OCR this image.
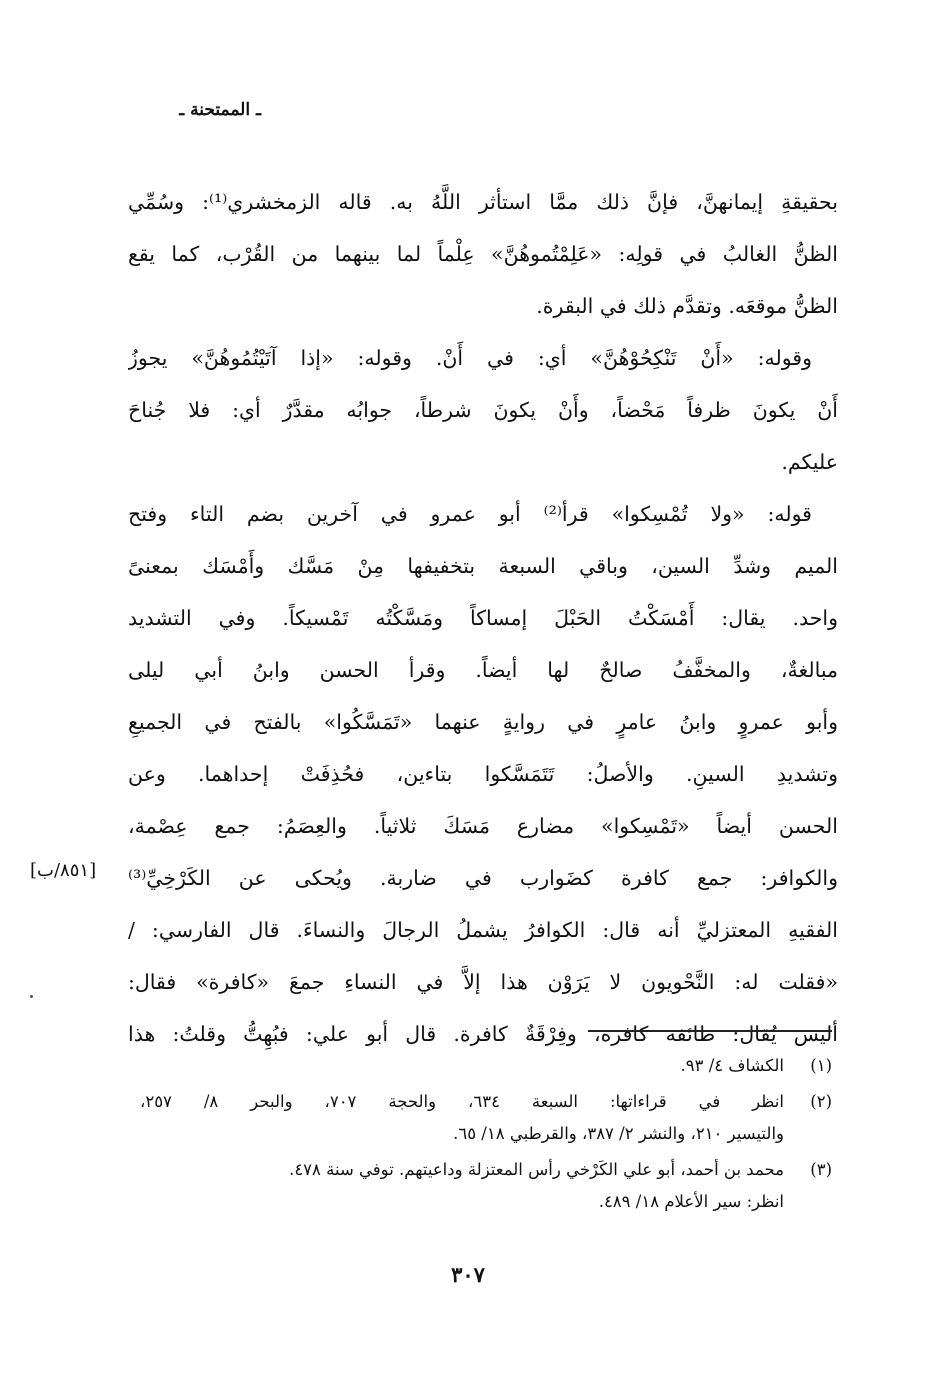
ـ الممتحنة ـ
بحقيقةِ إيمانهنَّ، فإنَّ ذلك ممَّا استأثر اللَّهُ به. قاله الزمخشري⁽¹⁾: وسُمِّي
الظنُّ الغالبُ في قولِه: «عَلِمْتُموهُنَّ» عِلْماً لما بينهما من القُرْب، كما يقع
الظنُّ موقعَه. وتقدَّم ذلك في البقرة.
وقوله: «أَنْ تَنْكِحُوْهُنَّ» أي: في أَنْ. وقوله: «إذا آتَيْتُمُوهُنَّ» يجوزُ
أَنْ يكونَ ظرفاً مَحْضاً، وأَنْ يكونَ شرطاً، جوابُه مقدَّرٌ أي: فلا جُناحَ
عليكم.
قوله: «ولا تُمْسِكوا» قرأ⁽²⁾ أبو عمرو في آخرين بضم التاء وفتح
الميم وشدِّ السين، وباقي السبعة بتخفيفها مِنْ مَسَّك وأَمْسَك بمعنىً
واحد. يقال: أَمْسَكْتُ الحَبْلَ إمساكاً ومَسَّكْتُه تَمْسيكاً. وفي التشديد
مبالغةٌ، والمخفَّفُ صالحٌ لها أيضاً. وقرأ الحسن وابنُ أبي ليلى
وأبو عمروٍ وابنُ عامرٍ في روايةٍ عنهما «تَمَسَّكُوا» بالفتح في الجميعِ
وتشديدِ السينِ. والأصلُ: تَتَمَسَّكوا بتاءين، فحُذِفَتْ إحداهما. وعن
الحسن أيضاً «تَمْسِكوا» مضارع مَسَكَ ثلاثياً. والعِصَمُ: جمع عِصْمة،
والكوافر: جمع كافرة كضَوارب في ضاربة. ويُحكى عن الكَرْخِيِّ⁽³⁾
الفقيهِ المعتزليِّ أنه قال: الكوافرُ يشملُ الرجالَ والنساءَ. قال الفارسي: /
«فقلت له: النَّحْويون لا يَرَوْن هذا إلاَّ في النساءِ جمعَ «كافرة» فقال:
أليس يُقال: طائفة كافرة، وفِرْقَةٌ كافرة. قال أبو علي: فبُهِتُّ وقلتُ: هذا
[٨٥١/ب]
(١)
الكشاف ٤/ ٩٣.
(٢)
انظر في قراءاتها: السبعة ٦٣٤، والحجة ٧٠٧، والبحر ٨/ ٢٥٧،
والتيسير ٢١٠، والنشر ٢/ ٣٨٧، والقرطبي ١٨/ ٦٥.
(٣)
محمد بن أحمد، أبو علي الكَرْخي رأس المعتزلة وداعيتهم. توفي سنة ٤٧٨.
انظر: سير الأعلام ١٨/ ٤٨٩.
٣٠٧
